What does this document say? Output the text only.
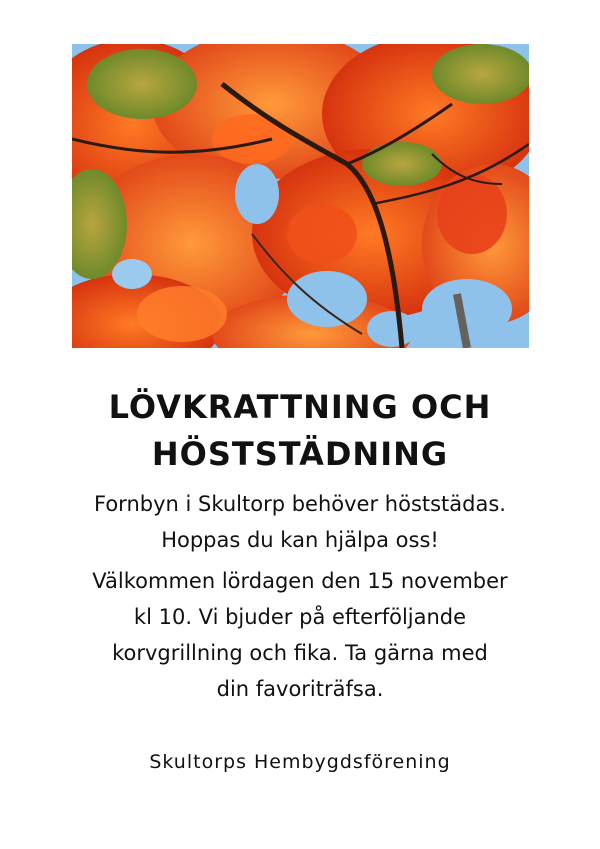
LÖVKRATTNING OCH
HÖSTSTÄDNING

Fornbyn i Skultorp behöver höststädas.
Hoppas du kan hjälpa oss!

Välkommen lördagen den 15 november
kl 10. Vi bjuder på efterföljande
korvgrillning och fika. Ta gärna med
din favoriträfsa.

Skultorps Hembygdsförening
